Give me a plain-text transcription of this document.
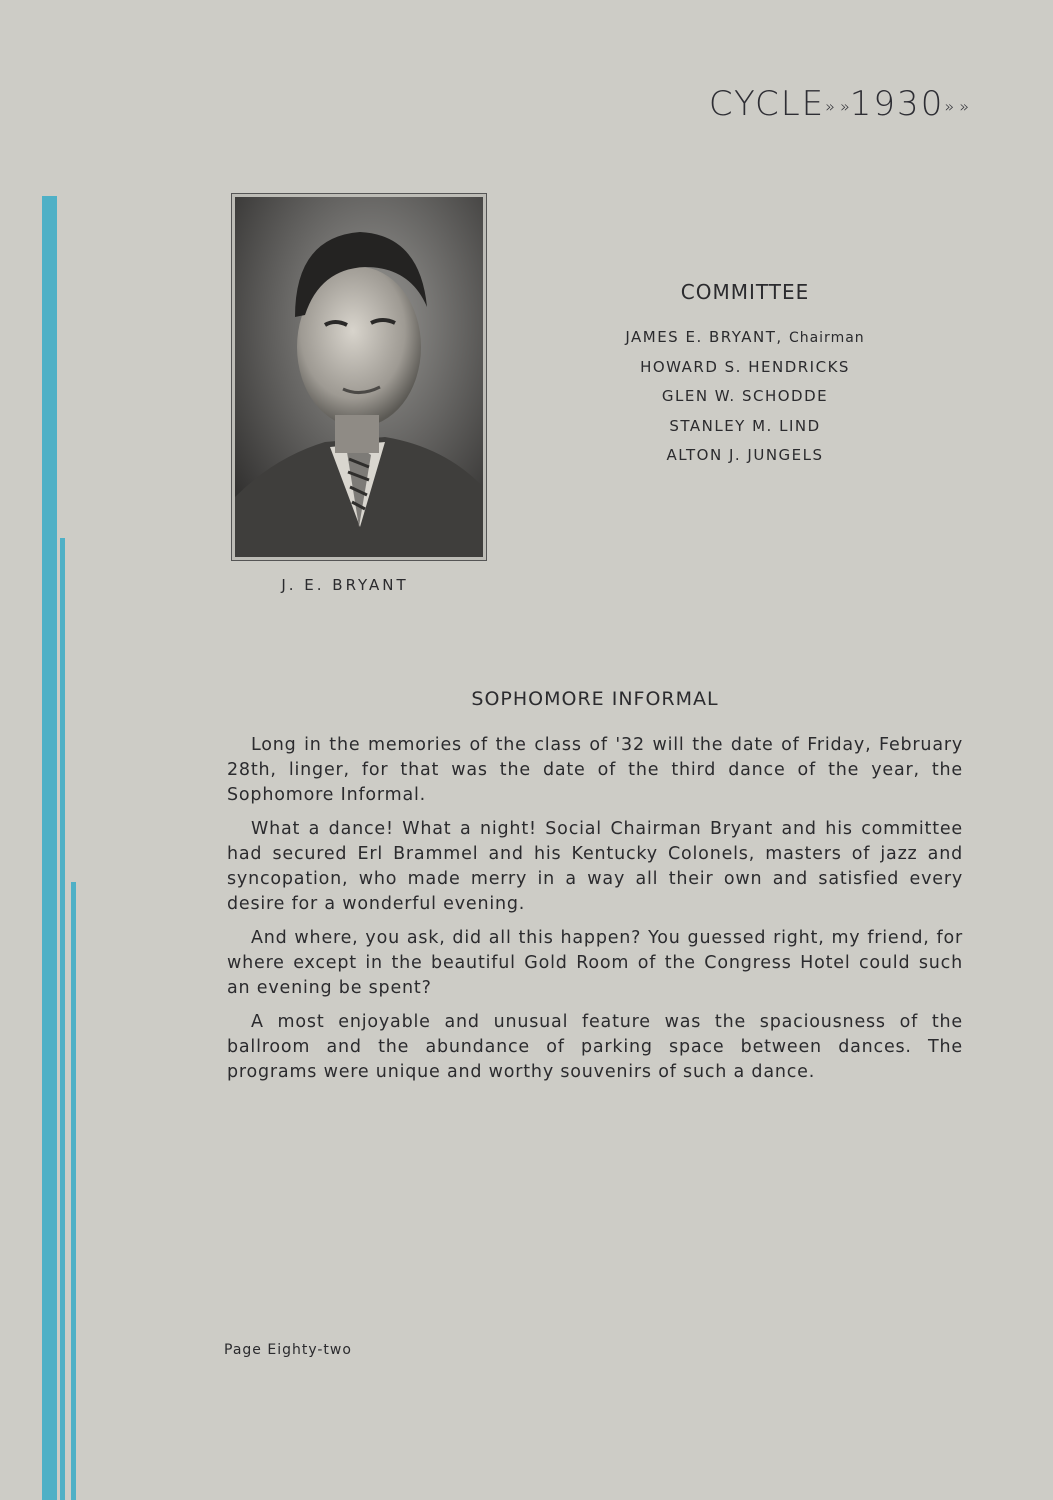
CYCLE» »1930» »
J. E. BRYANT
COMMITTEE
JAMES E. BRYANT, Chairman
HOWARD S. HENDRICKS
GLEN W. SCHODDE
STANLEY M. LIND
ALTON J. JUNGELS
SOPHOMORE INFORMAL

Long in the memories of the class of '32 will the date of Friday, February 28th, linger, for that was the date of the third dance of the year, the Sophomore Informal.

What a dance! What a night! Social Chairman Bryant and his committee had secured Erl Brammel and his Kentucky Colonels, masters of jazz and syncopation, who made merry in a way all their own and satisfied every desire for a wonderful evening.

And where, you ask, did all this happen? You guessed right, my friend, for where except in the beautiful Gold Room of the Congress Hotel could such an evening be spent?

A most enjoyable and unusual feature was the spaciousness of the ballroom and the abundance of parking space between dances. The programs were unique and worthy souvenirs of such a dance.

Page Eighty-two
